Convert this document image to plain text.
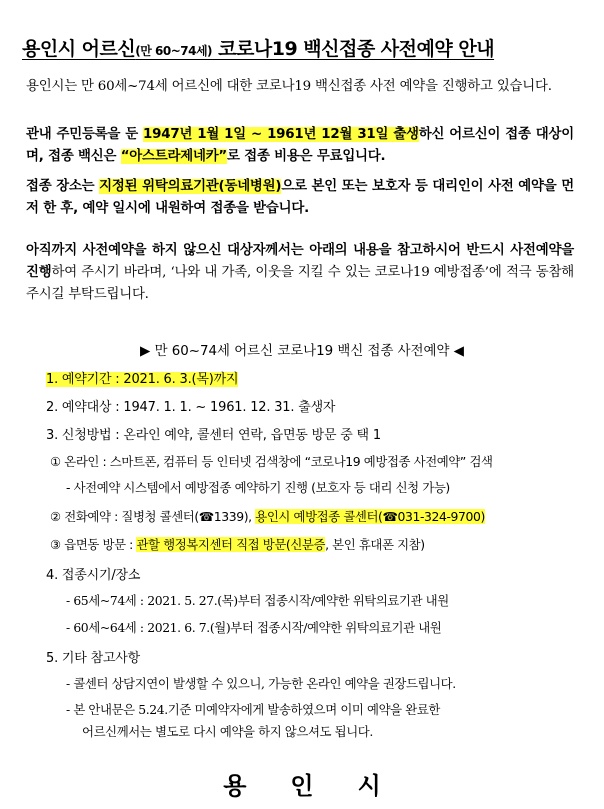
용인시 어르신(만 60~74세) 코로나19 백신접종 사전예약 안내
용인시는 만 60세~74세 어르신에 대한 코로나19 백신접종 사전 예약을 진행하고 있습니다.
관내 주민등록을 둔 1947년 1월 1일 ~ 1961년 12월 31일 출생하신 어르신이 접종 대상이며, 접종 백신은 “아스트라제네카”로 접종 비용은 무료입니다.
접종 장소는 지정된 위탁의료기관(동네병원)으로 본인 또는 보호자 등 대리인이 사전 예약을 먼저 한 후, 예약 일시에 내원하여 접종을 받습니다.
아직까지 사전예약을 하지 않으신 대상자께서는 아래의 내용을 참고하시어 반드시 사전예약을 진행하여 주시기 바라며, ‘나와 내 가족, 이웃을 지킬 수 있는 코로나19 예방접종’에 적극 동참해 주시길 부탁드립니다.
▶ 만 60~74세 어르신 코로나19 백신 접종 사전예약 ◀
1. 예약기간 : 2021. 6. 3.(목)까지
2. 예약대상 : 1947. 1. 1. ~ 1961. 12. 31. 출생자
3. 신청방법 : 온라인 예약, 콜센터 연락, 읍면동 방문 중 택 1
① 온라인 : 스마트폰, 컴퓨터 등 인터넷 검색창에 “코로나19 예방접종 사전예약” 검색
- 사전예약 시스템에서 예방접종 예약하기 진행 (보호자 등 대리 신청 가능)
② 전화예약 : 질병청 콜센터(☎1339), 용인시 예방접종 콜센터(☎031-324-9700)
③ 읍면동 방문 : 관할 행정복지센터 직접 방문(신분증, 본인 휴대폰 지참)
4. 접종시기/장소
- 65세~74세 : 2021. 5. 27.(목)부터 접종시작/예약한 위탁의료기관 내원
- 60세~64세 : 2021. 6. 7.(월)부터 접종시작/예약한 위탁의료기관 내원
5. 기타 참고사항
- 콜센터 상담지연이 발생할 수 있으니, 가능한 온라인 예약을 권장드립니다.
- 본 안내문은 5.24.기준 미예약자에게 발송하였으며 이미 예약을 완료한
어르신께서는 별도로 다시 예약을 하지 않으셔도 됩니다.
용인시
